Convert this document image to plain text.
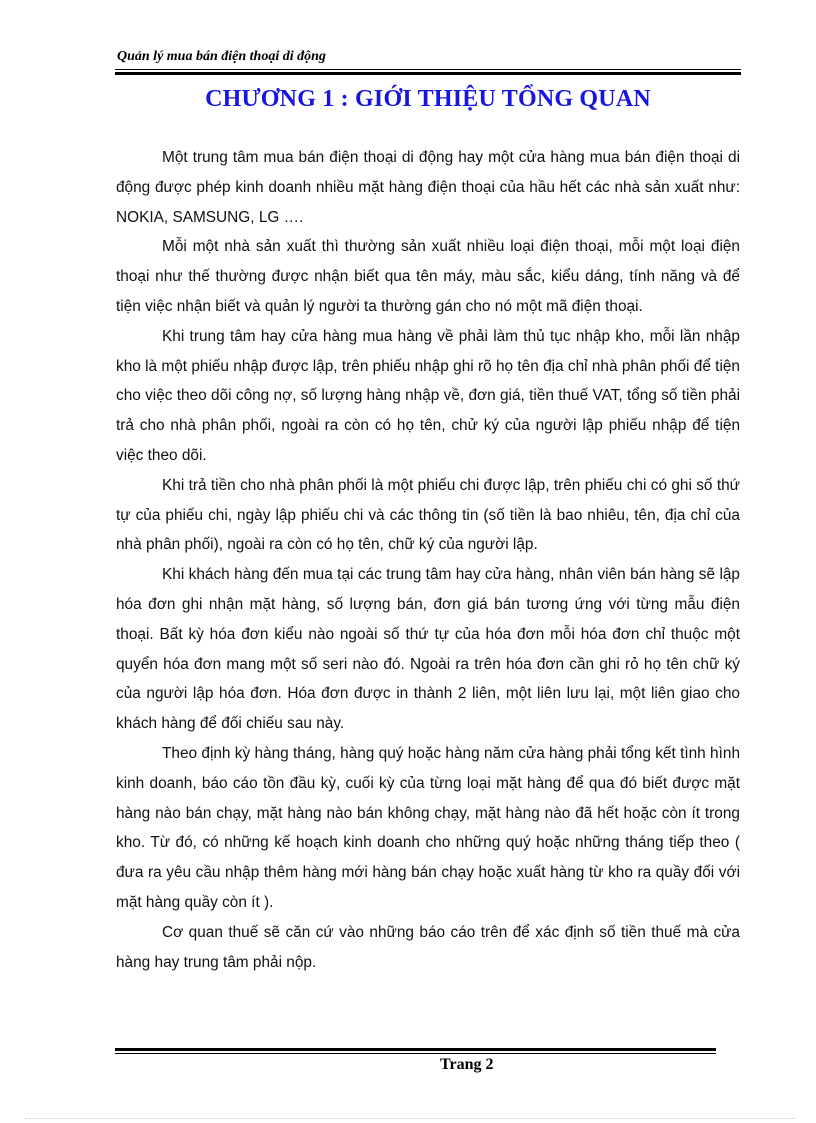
Quản lý mua bán điện thoại di động
CHƯƠNG 1 : GIỚI THIỆU TỔNG QUAN

Một trung tâm mua bán điện thoại di động hay một cửa hàng mua bán điện thoại di động được phép kinh doanh nhiều mặt hàng điện thoại của hầu hết các nhà sản xuất như: NOKIA, SAMSUNG, LG ….

Mỗi một nhà sản xuất thì thường sản xuất nhiều loại điện thoại, mỗi một loại điện thoại như thế thường được nhận biết qua tên máy, màu sắc, kiểu dáng, tính năng và để tiện việc nhận biết và quản lý người ta thường gán cho nó một mã điện thoại.

Khi trung tâm hay cửa hàng mua hàng về phải làm thủ tục nhập kho, mỗi lần nhập kho là một phiếu nhập được lập, trên phiếu nhập ghi rõ họ tên địa chỉ nhà phân phối để tiện cho việc theo dõi công nợ, số lượng hàng nhập về, đơn giá, tiền thuế VAT, tổng số tiền phải trả cho nhà phân phối, ngoài ra còn có họ tên, chử ký của người lập phiếu nhập để tiện việc theo dõi.

Khi trả tiền cho nhà phân phối là một phiếu chi được lập, trên phiếu chi có ghi số thứ tự của phiếu chi, ngày lập phiếu chi và các thông tin (số tiền là bao nhiêu, tên, địa chỉ của nhà phân phối), ngoài ra còn có họ tên, chữ ký của người lập.

Khi khách hàng đến mua tại các trung tâm hay cửa hàng, nhân viên bán hàng sẽ lập hóa đơn ghi nhận mặt hàng, số lượng bán, đơn giá bán tương ứng với từng mẫu điện thoại. Bất kỳ hóa đơn kiểu nào ngoài số thứ tự của hóa đơn mỗi hóa đơn chỉ thuộc một quyển hóa đơn mang một số seri nào đó. Ngoài ra trên hóa đơn cần ghi rỏ họ tên chữ ký của người lập hóa đơn. Hóa đơn được in thành 2 liên, một liên lưu lại, một liên giao cho khách hàng để đối chiếu sau này.

Theo định kỳ hàng tháng, hàng quý hoặc hàng năm cửa hàng phải tổng kết tình hình kinh doanh, báo cáo tồn đầu kỳ, cuối kỳ của từng loại mặt hàng để qua đó biết được mặt hàng nào bán chạy, mặt hàng nào bán không chạy, mặt hàng nào đã hết hoặc còn ít trong kho. Từ đó, có những kế hoạch kinh doanh cho những quý hoặc những tháng tiếp theo ( đưa ra yêu cầu nhập thêm hàng mới hàng bán chạy hoặc xuất hàng từ kho ra quầy đối với mặt hàng quầy còn ít ).

Cơ quan thuế sẽ căn cứ vào những báo cáo trên để xác định số tiền thuế mà cửa hàng hay trung tâm phải nộp.

Trang 2
